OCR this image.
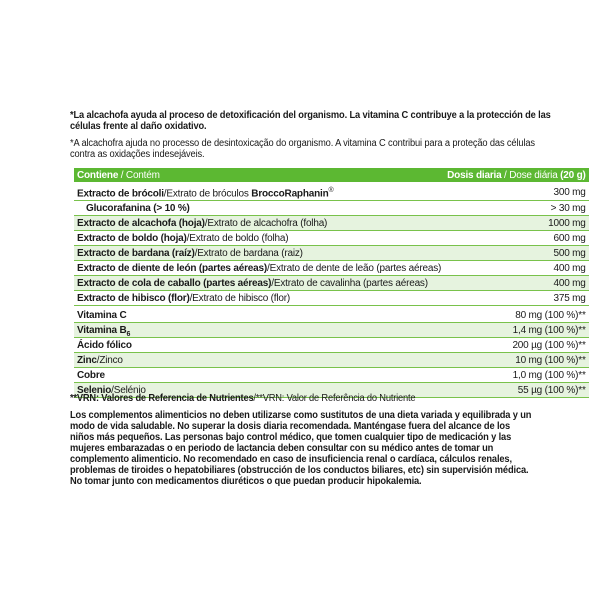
*La alcachofa ayuda al proceso de detoxificación del organismo. La vitamina C contribuye a la protección de las células frente al daño oxidativo.
*A alcachofra ajuda no processo de desintoxicação do organismo. A vitamina C contribui para a proteção das células contra as oxidações indesejáveis.
Contiene / Contém	Dosis diaria / Dose diária (20 g)

Extracto de brócoli/Extrato de bróculos BroccoRaphanin®	300 mg
Glucorafanina (> 10 %)	> 30 mg
Extracto de alcachofa (hoja)/Extrato de alcachofra (folha)	1000 mg
Extracto de boldo (hoja)/Extrato de boldo (folha)	600 mg
Extracto de bardana (raíz)/Extrato de bardana (raiz)	500 mg
Extracto de diente de león (partes aéreas)/Extrato de dente de leão (partes aéreas)	400 mg
Extracto de cola de caballo (partes aéreas)/Extrato de cavalinha (partes aéreas)	400 mg
Extracto de hibisco (flor)/Extrato de hibisco (flor)	375 mg

Vitamina C	80 mg (100 %)**
Vitamina $B_6$	1,4 mg (100 %)**
Ácido fólico	200 µg (100 %)**
Zinc/Zinco	10 mg (100 %)**
Cobre	1,0 mg (100 %)**
Selenio/Selénio	55 µg (100 %)**
**VRN: Valores de Referencia de Nutrientes/**VRN: Valor de Referência do Nutriente
Los complementos alimenticios no deben utilizarse como sustitutos de una dieta variada y equilibrada y un
modo de vida saludable. No superar la dosis diaria recomendada. Manténgase fuera del alcance de los
niños más pequeños. Las personas bajo control médico, que tomen cualquier tipo de medicación y las
mujeres embarazadas o en periodo de lactancia deben consultar con su médico antes de tomar un
complemento alimenticio. No recomendado en caso de insuficiencia renal o cardíaca, cálculos renales,
problemas de tiroides o hepatobiliares (obstrucción de los conductos biliares, etc) sin supervisión médica.
No tomar junto con medicamentos diuréticos o que puedan producir hipokalemia.
